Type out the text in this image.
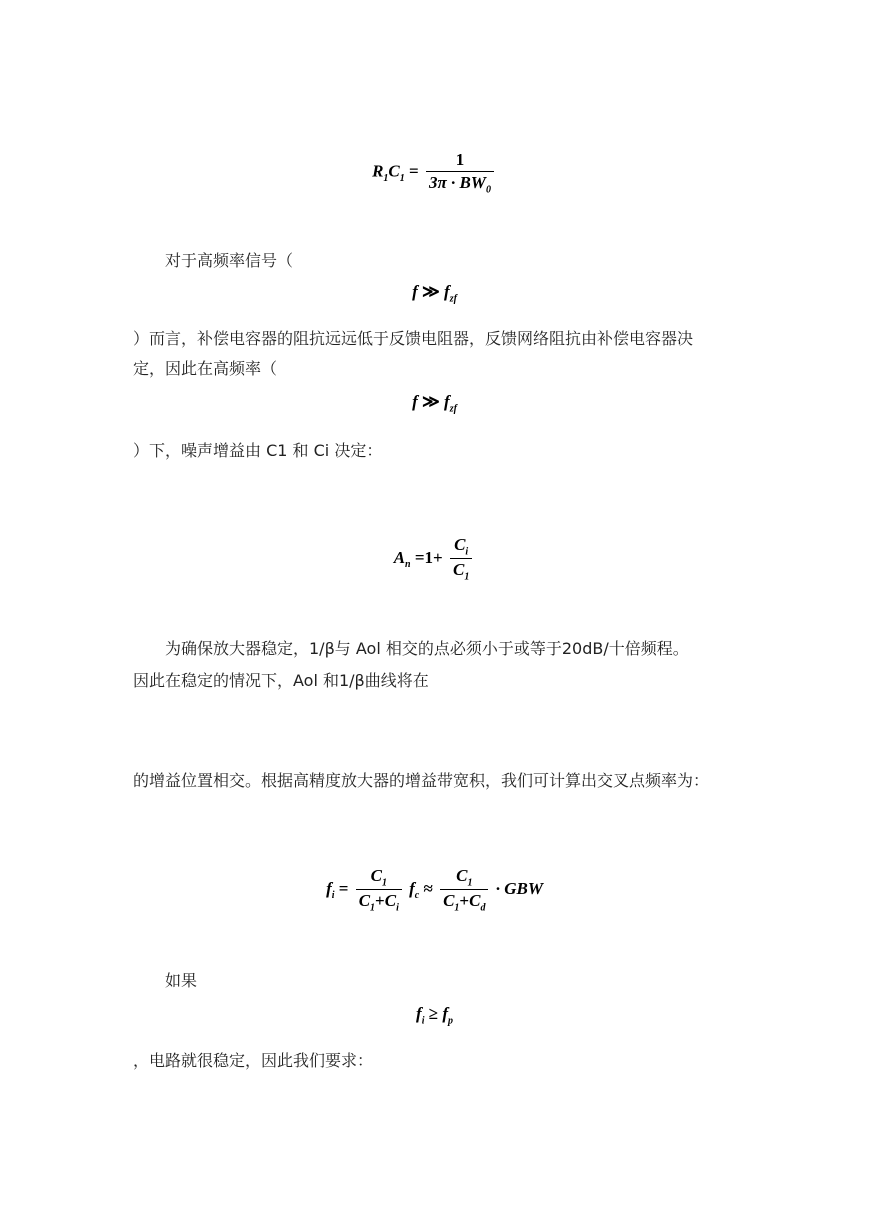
$R_1C_1 = \frac{1}{3\pi \cdot BW_0}$
对于高频率信号（
f ≫ $f_{zf}$
）而言，补偿电容器的阻抗远远低于反馈电阻器，反馈网络阻抗由补偿电容器决
定，因此在高频率（
f ≫ $f_{zf}$
）下，噪声增益由 C1 和 Ci 决定：
$A_n =1+ \frac{C_i}{C_1}$
为确保放大器稳定，1/β与 Aol 相交的点必须小于或等于20dB/十倍频程。
因此在稳定的情况下，Aol 和1/β曲线将在
的增益位置相交。根据高精度放大器的增益带宽积，我们可计算出交叉点频率为：
$f_i = \frac{C_1}{C_1+C_i} f_c \approx \frac{C_1}{C_1+C_d}$ · GBW
如果
$f_i \ge f_p$
，电路就很稳定，因此我们要求：
